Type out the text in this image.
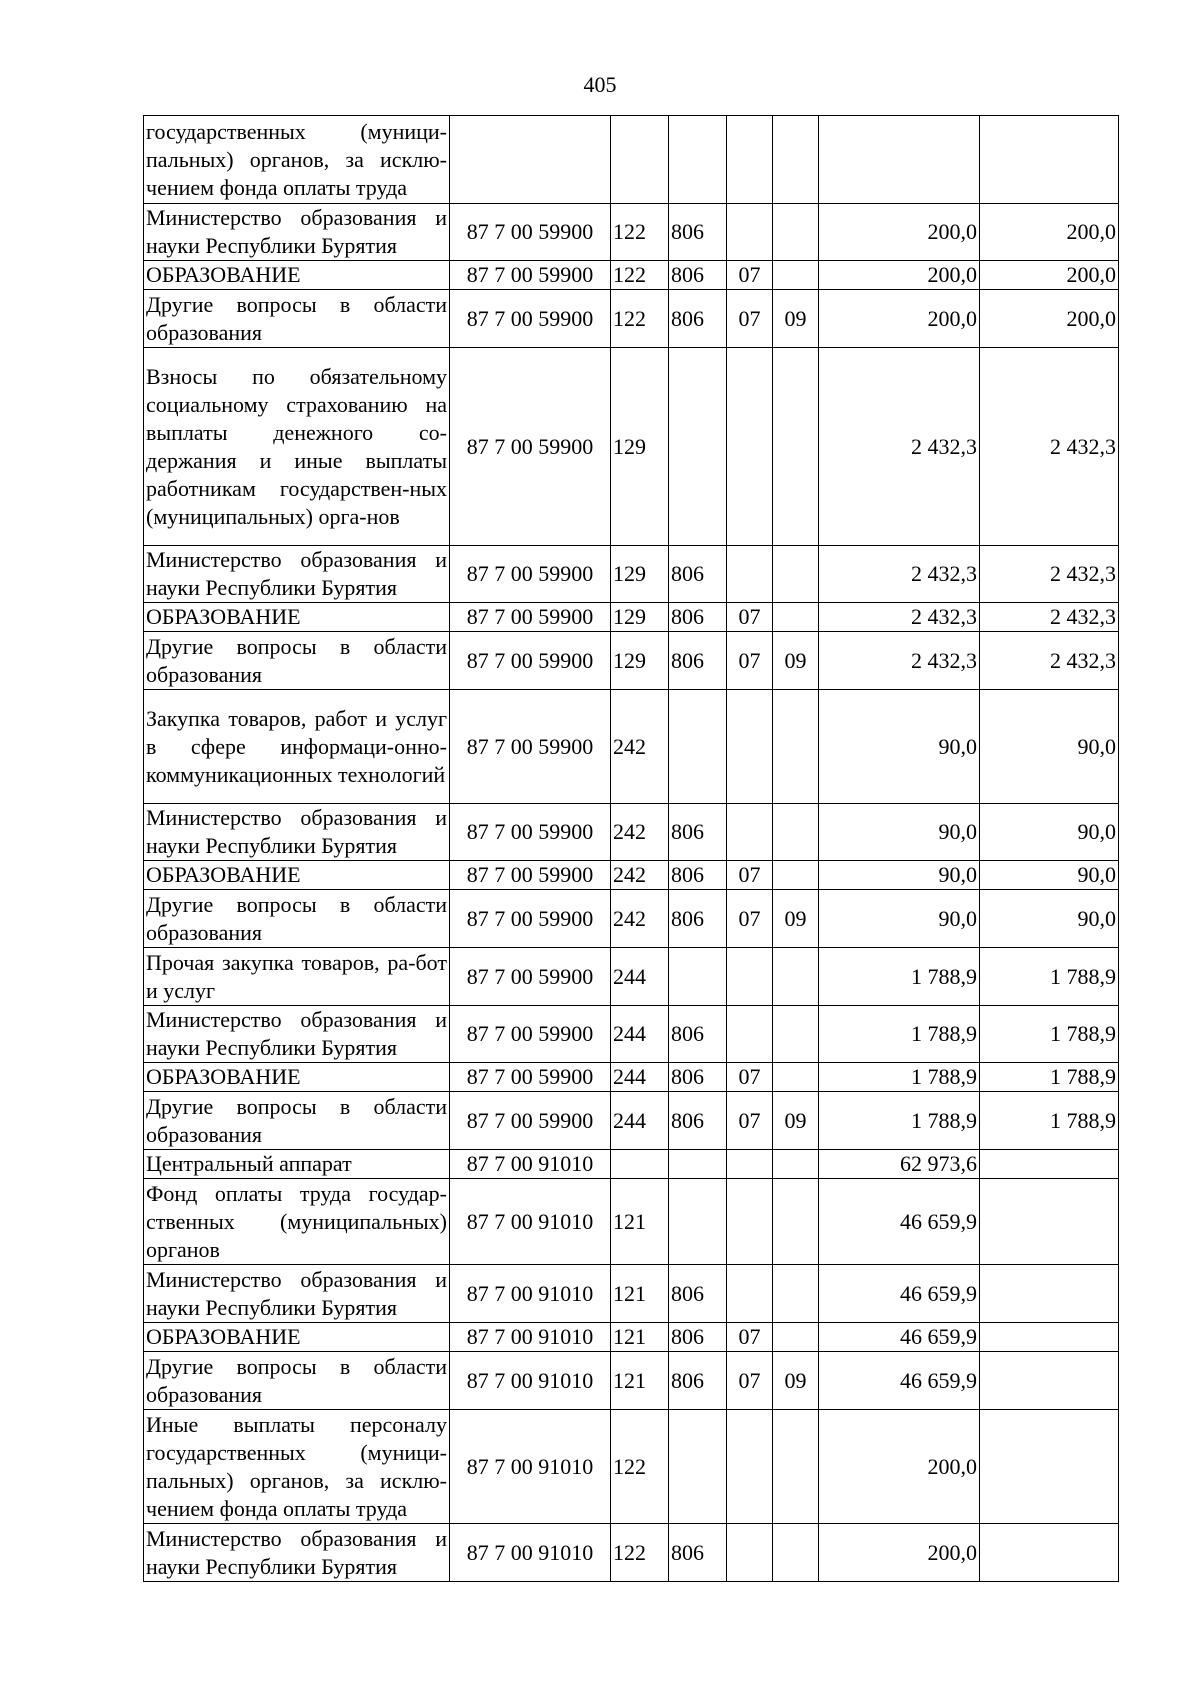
405
государственных (муници-пальных) органов, за исклю-чением фонда оплаты труда							
Министерство образования и науки Республики Бурятия	87 7 00 59900	122	806			200,0	200,0
ОБРАЗОВАНИЕ	87 7 00 59900	122	806	07		200,0	200,0
Другие вопросы в области образования	87 7 00 59900	122	806	07	09	200,0	200,0
Взносы по обязательному социальному страхованию на выплаты денежного со-держания и иные выплаты работникам государствен-ных (муниципальных) орга-нов	87 7 00 59900	129				2 432,3	2 432,3
Министерство образования и науки Республики Бурятия	87 7 00 59900	129	806			2 432,3	2 432,3
ОБРАЗОВАНИЕ	87 7 00 59900	129	806	07		2 432,3	2 432,3
Другие вопросы в области образования	87 7 00 59900	129	806	07	09	2 432,3	2 432,3
Закупка товаров, работ и услуг в сфере информаци-онно-коммуникационных технологий	87 7 00 59900	242				90,0	90,0
Министерство образования и науки Республики Бурятия	87 7 00 59900	242	806			90,0	90,0
ОБРАЗОВАНИЕ	87 7 00 59900	242	806	07		90,0	90,0
Другие вопросы в области образования	87 7 00 59900	242	806	07	09	90,0	90,0
Прочая закупка товаров, ра-бот и услуг	87 7 00 59900	244				1 788,9	1 788,9
Министерство образования и науки Республики Бурятия	87 7 00 59900	244	806			1 788,9	1 788,9
ОБРАЗОВАНИЕ	87 7 00 59900	244	806	07		1 788,9	1 788,9
Другие вопросы в области образования	87 7 00 59900	244	806	07	09	1 788,9	1 788,9
Центральный аппарат	87 7 00 91010					62 973,6	
Фонд оплаты труда государ-ственных (муниципальных) органов	87 7 00 91010	121				46 659,9	
Министерство образования и науки Республики Бурятия	87 7 00 91010	121	806			46 659,9	
ОБРАЗОВАНИЕ	87 7 00 91010	121	806	07		46 659,9	
Другие вопросы в области образования	87 7 00 91010	121	806	07	09	46 659,9	
Иные выплаты персоналу государственных (муници-пальных) органов, за исклю-чением фонда оплаты труда	87 7 00 91010	122				200,0	
Министерство образования и науки Республики Бурятия	87 7 00 91010	122	806			200,0	
